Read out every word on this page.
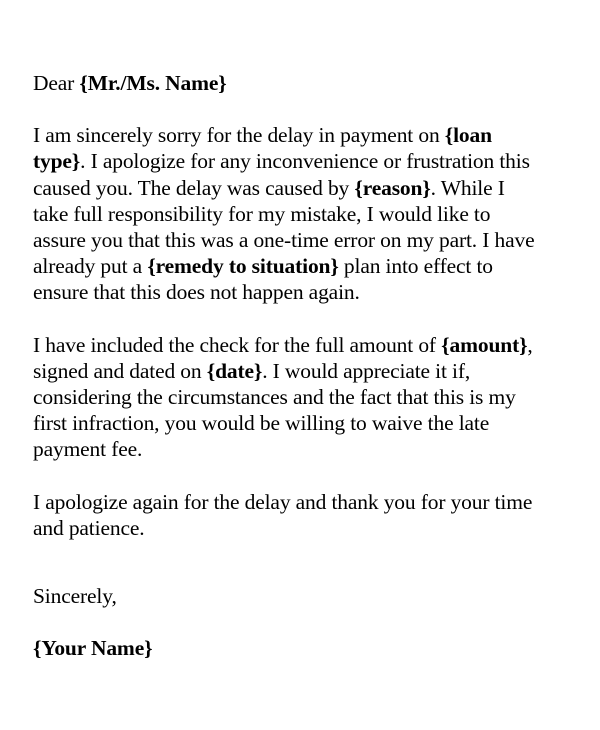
Dear {Mr./Ms. Name}
I am sincerely sorry for the delay in payment on {loan
type}. I apologize for any inconvenience or frustration this
caused you. The delay was caused by {reason}. While I
take full responsibility for my mistake, I would like to
assure you that this was a one-time error on my part. I have
already put a {remedy to situation} plan into effect to
ensure that this does not happen again.
I have included the check for the full amount of {amount},
signed and dated on {date}. I would appreciate it if,
considering the circumstances and the fact that this is my
first infraction, you would be willing to waive the late
payment fee.
I apologize again for the delay and thank you for your time
and patience.
Sincerely,
{Your Name}
